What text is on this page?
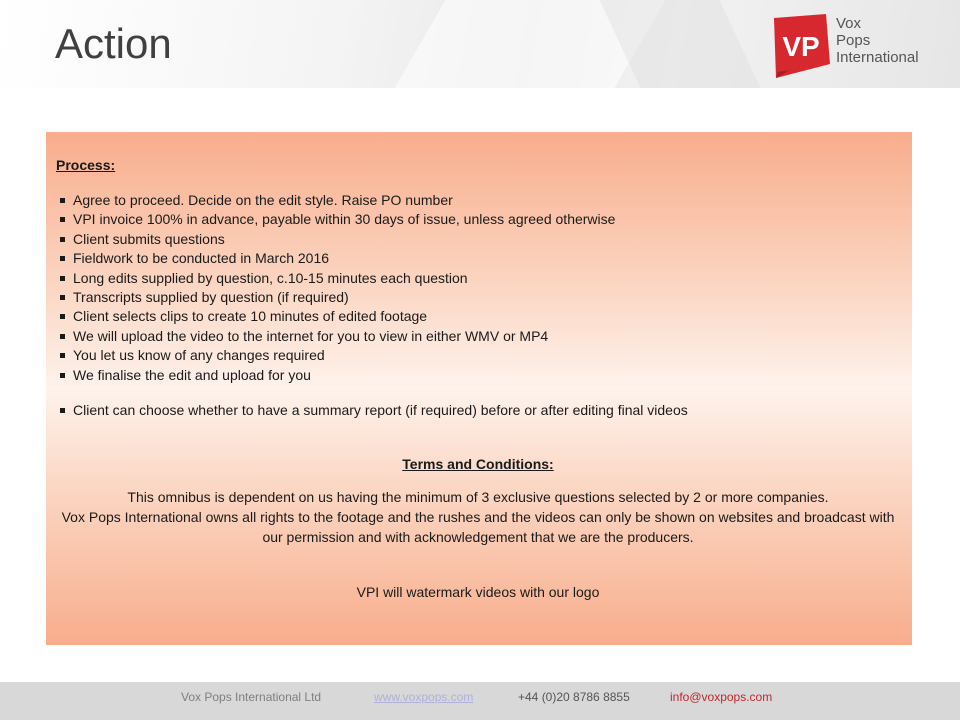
Action	VP
Vox
Pops
International
Process:
Agree to proceed. Decide on the edit style. Raise PO number
VPI invoice 100% in advance, payable within 30 days of issue, unless agreed otherwise
Client submits questions
Fieldwork to be conducted in March 2016
Long edits supplied by question, c.10-15 minutes each question
Transcripts supplied by question (if required)
Client selects clips to create 10 minutes of edited footage
We will upload the video to the internet for you to view in either WMV or MP4
You let us know of any changes required
We finalise the edit and upload for you
Client can choose whether to have a summary report (if required) before or after editing final videos
Terms and Conditions:
This omnibus is dependent on us having the minimum of 3 exclusive questions selected by 2 or more companies.
Vox Pops International owns all rights to the footage and the rushes and the videos can only be shown on websites and broadcast with our permission and with acknowledgement that we are the producers.
VPI will watermark videos with our logo
Vox Pops International Ltd	www.voxpops.com	+44 (0)20 8786 8855	info@voxpops.com
